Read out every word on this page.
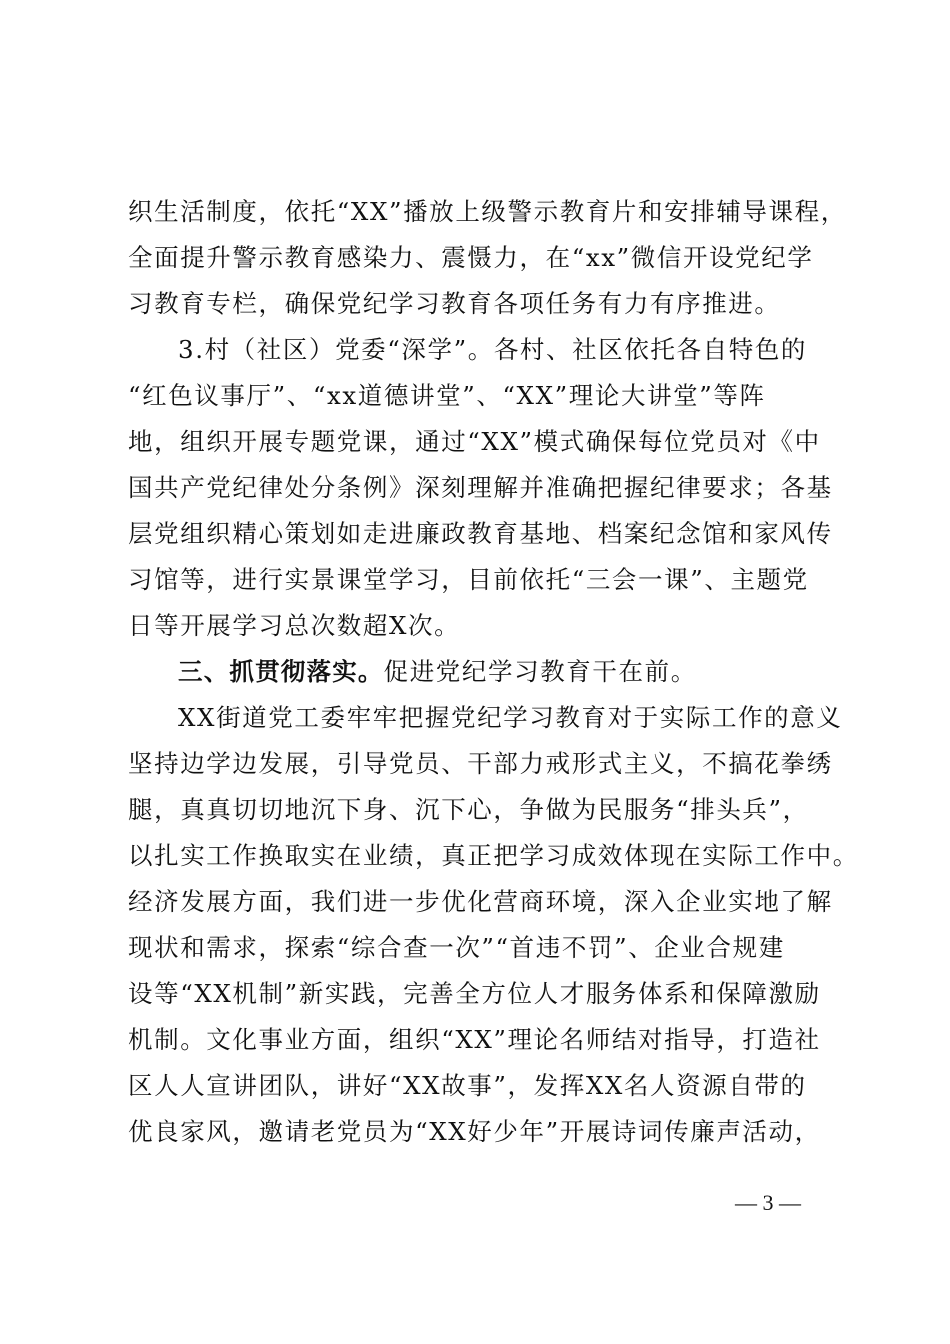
织生活制度，依托“XX”播放上级警示教育片和安排辅导课程，
全面提升警示教育感染力、震慑力，在“xx”微信开设党纪学
习教育专栏，确保党纪学习教育各项任务有力有序推进。
3.村（社区）党委“深学”。各村、社区依托各自特色的
“红色议事厅”、“xx道德讲堂”、“XX”理论大讲堂”等阵
地，组织开展专题党课，通过“XX”模式确保每位党员对《中
国共产党纪律处分条例》深刻理解并准确把握纪律要求；各基
层党组织精心策划如走进廉政教育基地、档案纪念馆和家风传
习馆等，进行实景课堂学习，目前依托“三会一课”、主题党
日等开展学习总次数超X次。
三、抓贯彻落实。促进党纪学习教育干在前。
XX街道党工委牢牢把握党纪学习教育对于实际工作的意义
坚持边学边发展，引导党员、干部力戒形式主义，不搞花拳绣
腿，真真切切地沉下身、沉下心，争做为民服务“排头兵”，
以扎实工作换取实在业绩，真正把学习成效体现在实际工作中。
经济发展方面，我们进一步优化营商环境，深入企业实地了解
现状和需求，探索“综合查一次”“首违不罚”、企业合规建
设等“XX机制”新实践，完善全方位人才服务体系和保障激励
机制。文化事业方面，组织“XX”理论名师结对指导，打造社
区人人宣讲团队，讲好“XX故事”，发挥XX名人资源自带的
优良家风，邀请老党员为“XX好少年”开展诗词传廉声活动，
— 3 —
